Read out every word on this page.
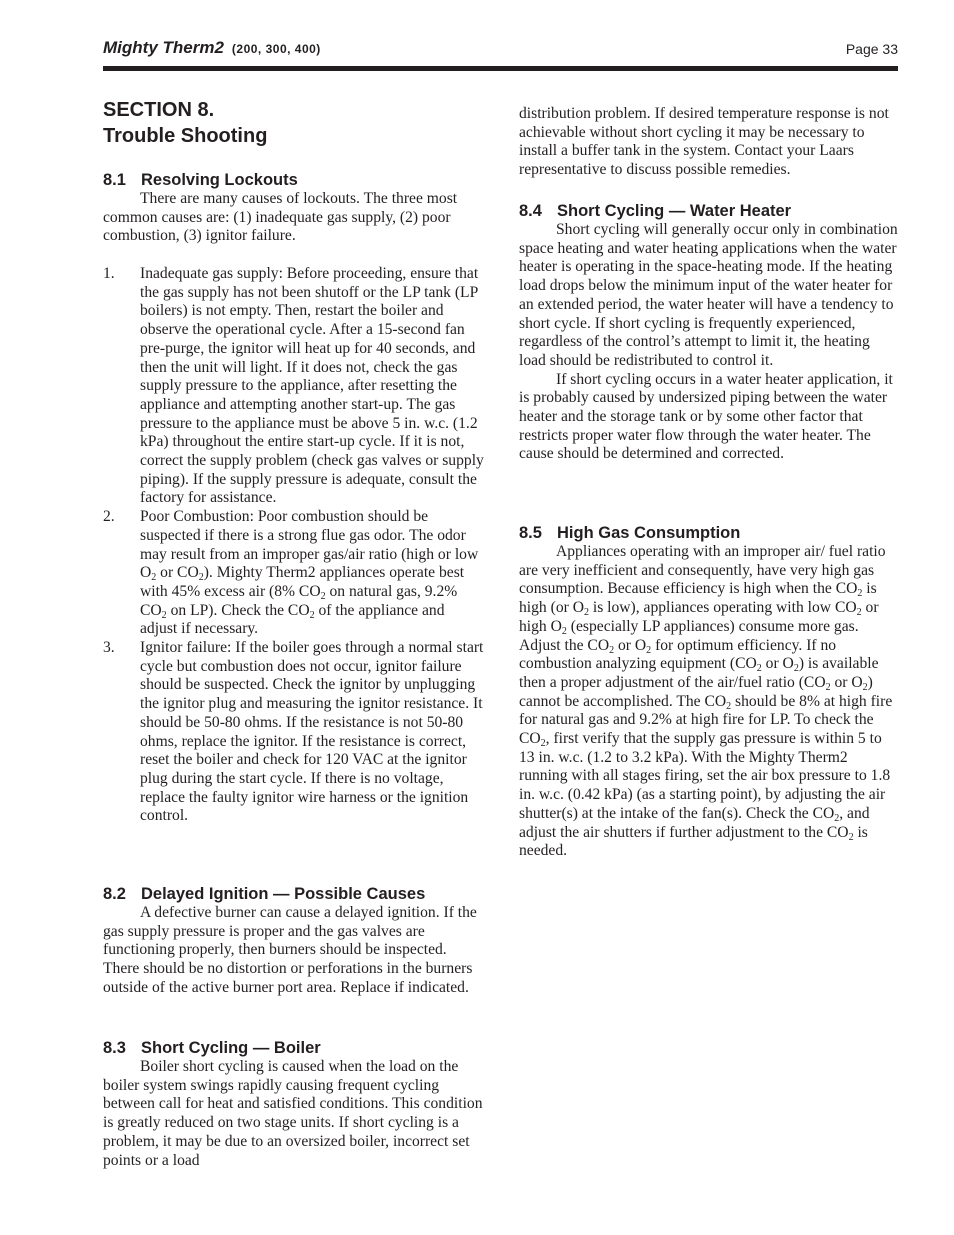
Mighty Therm2 (200, 300, 400)	Page 33
SECTION 8.
Trouble Shooting
8.1 Resolving Lockouts

There are many causes of lockouts. The three most common causes are: (1) inadequate gas supply, (2) poor combustion, (3) ignitor failure.

1. Inadequate gas supply: Before proceeding, ensure that the gas supply has not been shutoff or the LP tank (LP boilers) is not empty. Then, restart the boiler and observe the operational cycle. After a 15-second fan pre-purge, the ignitor will heat up for 40 seconds, and then the unit will light. If it does not, check the gas supply pressure to the appliance, after resetting the appliance and attempting another start-up. The gas pressure to the appliance must be above 5 in. w.c. (1.2 kPa) throughout the entire start-up cycle. If it is not, correct the supply problem (check gas valves or supply piping). If the supply pressure is adequate, consult the factory for assistance.
2. Poor Combustion: Poor combustion should be suspected if there is a strong flue gas odor. The odor may result from an improper gas/air ratio (high or low $O_2$ or $CO_2$). Mighty Therm2 appliances operate best with 45% excess air (8% $CO_2$ on natural gas, 9.2% $CO_2$ on LP). Check the $CO_2$ of the appliance and adjust if necessary.
3. Ignitor failure: If the boiler goes through a normal start cycle but combustion does not occur, ignitor failure should be suspected. Check the ignitor by unplugging the ignitor plug and measuring the ignitor resistance. It should be 50-80 ohms. If the resistance is not 50-80 ohms, replace the ignitor. If the resistance is correct, reset the boiler and check for 120 VAC at the ignitor plug during the start cycle. If there is no voltage, replace the faulty ignitor wire harness or the ignition control.
8.2 Delayed Ignition — Possible Causes

A defective burner can cause a delayed ignition. If the gas supply pressure is proper and the gas valves are functioning properly, then burners should be inspected. There should be no distortion or perforations in the burners outside of the active burner port area. Replace if indicated.

8.3 Short Cycling — Boiler

Boiler short cycling is caused when the load on the boiler system swings rapidly causing frequent cycling between call for heat and satisfied conditions. This condition is greatly reduced on two stage units. If short cycling is a problem, it may be due to an oversized boiler, incorrect set points or a load

distribution problem. If desired temperature response is not achievable without short cycling it may be necessary to install a buffer tank in the system. Contact your Laars representative to discuss possible remedies.

8.4 Short Cycling — Water Heater

Short cycling will generally occur only in combination space heating and water heating applications when the water heater is operating in the space-heating mode. If the heating load drops below the minimum input of the water heater for an extended period, the water heater will have a tendency to short cycle. If short cycling is frequently experienced, regardless of the control’s attempt to limit it, the heating load should be redistributed to control it.

If short cycling occurs in a water heater application, it is probably caused by undersized piping between the water heater and the storage tank or by some other factor that restricts proper water flow through the water heater. The cause should be determined and corrected.

8.5 High Gas Consumption

Appliances operating with an improper air/ fuel ratio are very inefficient and consequently, have very high gas consumption. Because efficiency is high when the $CO_2$ is high (or $O_2$ is low), appliances operating with low $CO_2$ or high $O_2$ (especially LP appliances) consume more gas. Adjust the $CO_2$ or $O_2$ for optimum efficiency. If no combustion analyzing equipment ($CO_2$ or $O_2$) is available then a proper adjustment of the air/fuel ratio ($CO_2$ or $O_2$) cannot be accomplished. The $CO_2$ should be 8% at high fire for natural gas and 9.2% at high fire for LP. To check the $CO_2$, first verify that the supply gas pressure is within 5 to 13 in. w.c. (1.2 to 3.2 kPa). With the Mighty Therm2 running with all stages firing, set the air box pressure to 1.8 in. w.c. (0.42 kPa) (as a starting point), by adjusting the air shutter(s) at the intake of the fan(s). Check the $CO_2$, and adjust the air shutters if further adjustment to the $CO_2$ is needed.
